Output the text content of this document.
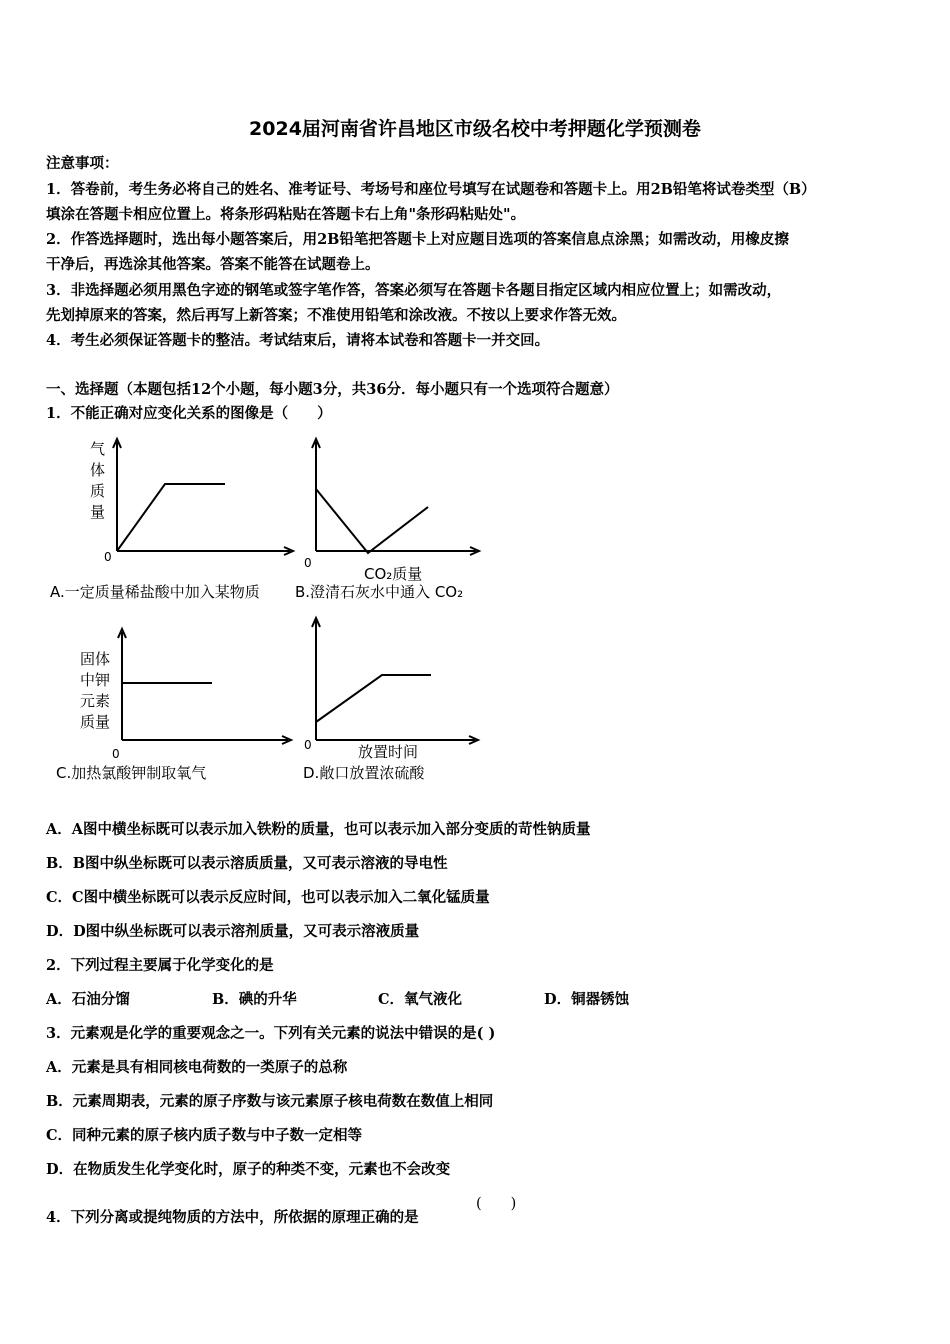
2024届河南省许昌地区市级名校中考押题化学预测卷
注意事项：
1．答卷前，考生务必将自己的姓名、准考证号、考场号和座位号填写在试题卷和答题卡上。用2B铅笔将试卷类型（B）
填涂在答题卡相应位置上。将条形码粘贴在答题卡右上角"条形码粘贴处"。
2．作答选择题时，选出每小题答案后，用2B铅笔把答题卡上对应题目选项的答案信息点涂黑；如需改动，用橡皮擦
干净后，再选涂其他答案。答案不能答在试题卷上。
3．非选择题必须用黑色字迹的钢笔或签字笔作答，答案必须写在答题卡各题目指定区域内相应位置上；如需改动，
先划掉原来的答案，然后再写上新答案；不准使用铅笔和涂改液。不按以上要求作答无效。
4．考生必须保证答题卡的整洁。考试结束后，请将本试卷和答题卡一并交回。
一、选择题（本题包括12个小题，每小题3分，共36分．每小题只有一个选项符合题意）
1．不能正确对应变化关系的图像是（　　）
气
体
质
量
0
A.一定质量稀盐酸中加入某物质
0
CO₂质量
B.澄清石灰水中通入 CO₂
固体
中钾
元素
质量
0
C.加热氯酸钾制取氧气
0	放置时间
D.敞口放置浓硫酸
A．A图中横坐标既可以表示加入铁粉的质量，也可以表示加入部分变质的苛性钠质量
B．B图中纵坐标既可以表示溶质质量，又可表示溶液的导电性
C．C图中横坐标既可以表示反应时间，也可以表示加入二氧化锰质量
D．D图中纵坐标既可以表示溶剂质量，又可表示溶液质量
2．下列过程主要属于化学变化的是
A．石油分馏	B．碘的升华	C．氧气液化	D．铜器锈蚀
3．元素观是化学的重要观念之一。下列有关元素的说法中错误的是( )
A．元素是具有相同核电荷数的一类原子的总称
B．元素周期表，元素的原子序数与该元素原子核电荷数在数值上相同
C．同种元素的原子核内质子数与中子数一定相等
D．在物质发生化学变化时，原子的种类不变，元素也不会改变
4．下列分离或提纯物质的方法中，所依据的原理正确的是
(　　)
